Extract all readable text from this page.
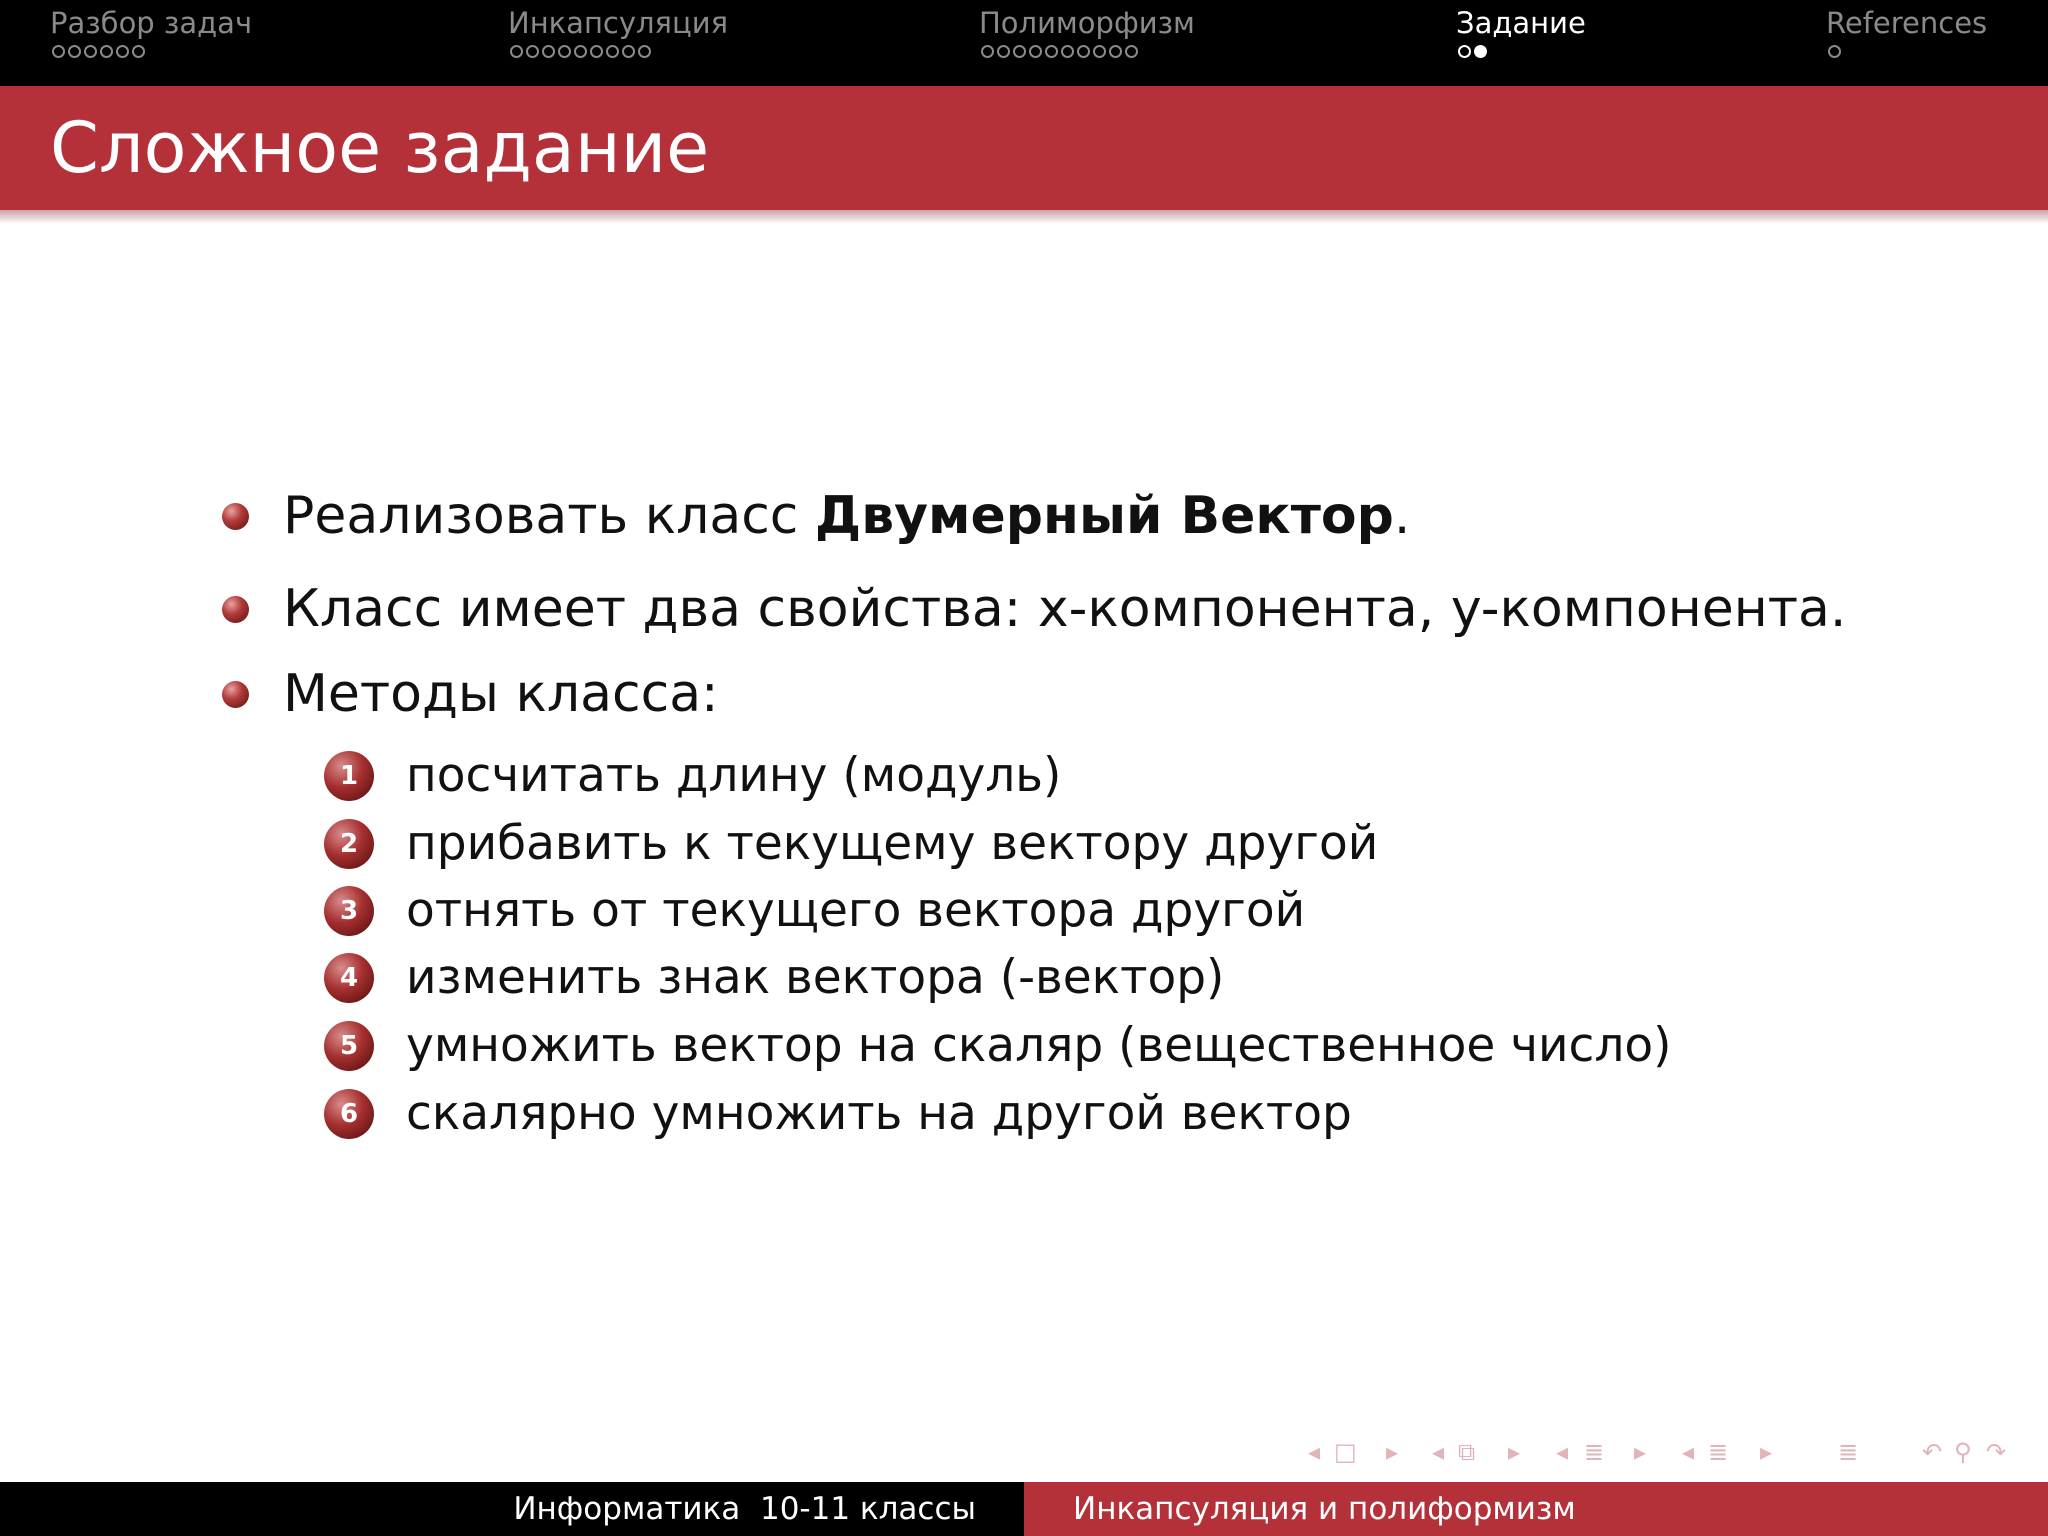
Разбор задач	Инкапсуляция	Полиморфизм	Задание	References
Сложное задание
Реализовать класс Двумерный Вектор.
Класс имеет два свойства: x-компонента, y-компонента.
Методы класса:
1	посчитать длину (модуль)
2	прибавить к текущему вектору другой
3	отнять от текущего вектора другой
4	изменить знак вектора (-вектор)
5	умножить вектор на скаляр (вещественное число)
6	скалярно умножить на другой вектор
◂ □ ▸ ◂ ⧉ ▸ ◂ ≣ ▸ ◂ ≣ ▸	≣	↶ ⚲ ↷
Информатика  10-11 классы	Инкапсуляция и полиформизм
